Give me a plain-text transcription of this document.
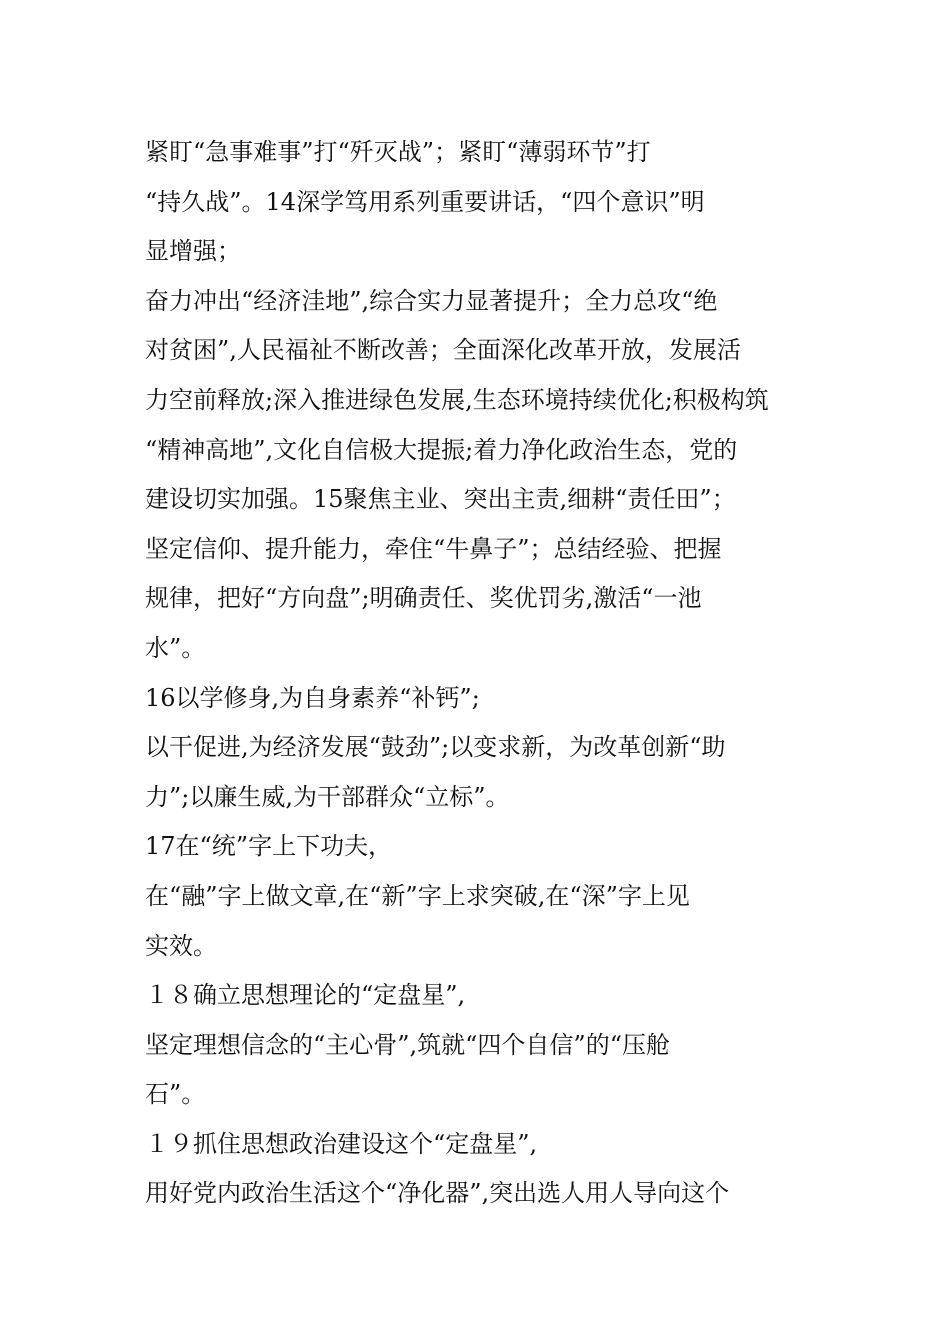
紧盯“急事难事”打“歼灭战”；紧盯“薄弱环节”打
“持久战”。14深学笃用系列重要讲话，“四个意识”明
显增强；
奋力冲出“经济洼地”,综合实力显著提升；全力总攻“绝
对贫困”,人民福祉不断改善；全面深化改革开放，发展活
力空前释放;深入推进绿色发展,生态环境持续优化;积极构筑
“精神高地”,文化自信极大提振;着力净化政治生态，党的
建设切实加强。15聚焦主业、突出主责,细耕“责任田”；
坚定信仰、提升能力，牵住“牛鼻子”；总结经验、把握
规律，把好“方向盘”;明确责任、奖优罚劣,激活“一池
水”。
16以学修身,为自身素养“补钙”;
以干促进,为经济发展“鼓劲”;以变求新，为改革创新“助
力”;以廉生威,为干部群众“立标”。
17在“统”字上下功夫，
在“融”字上做文章,在“新”字上求突破,在“深”字上见
实效。
１８确立思想理论的“定盘星”,
坚定理想信念的“主心骨”,筑就“四个自信”的“压舱
石”。
１９抓住思想政治建设这个“定盘星”,
用好党内政治生活这个“净化器”,突出选人用人导向这个
